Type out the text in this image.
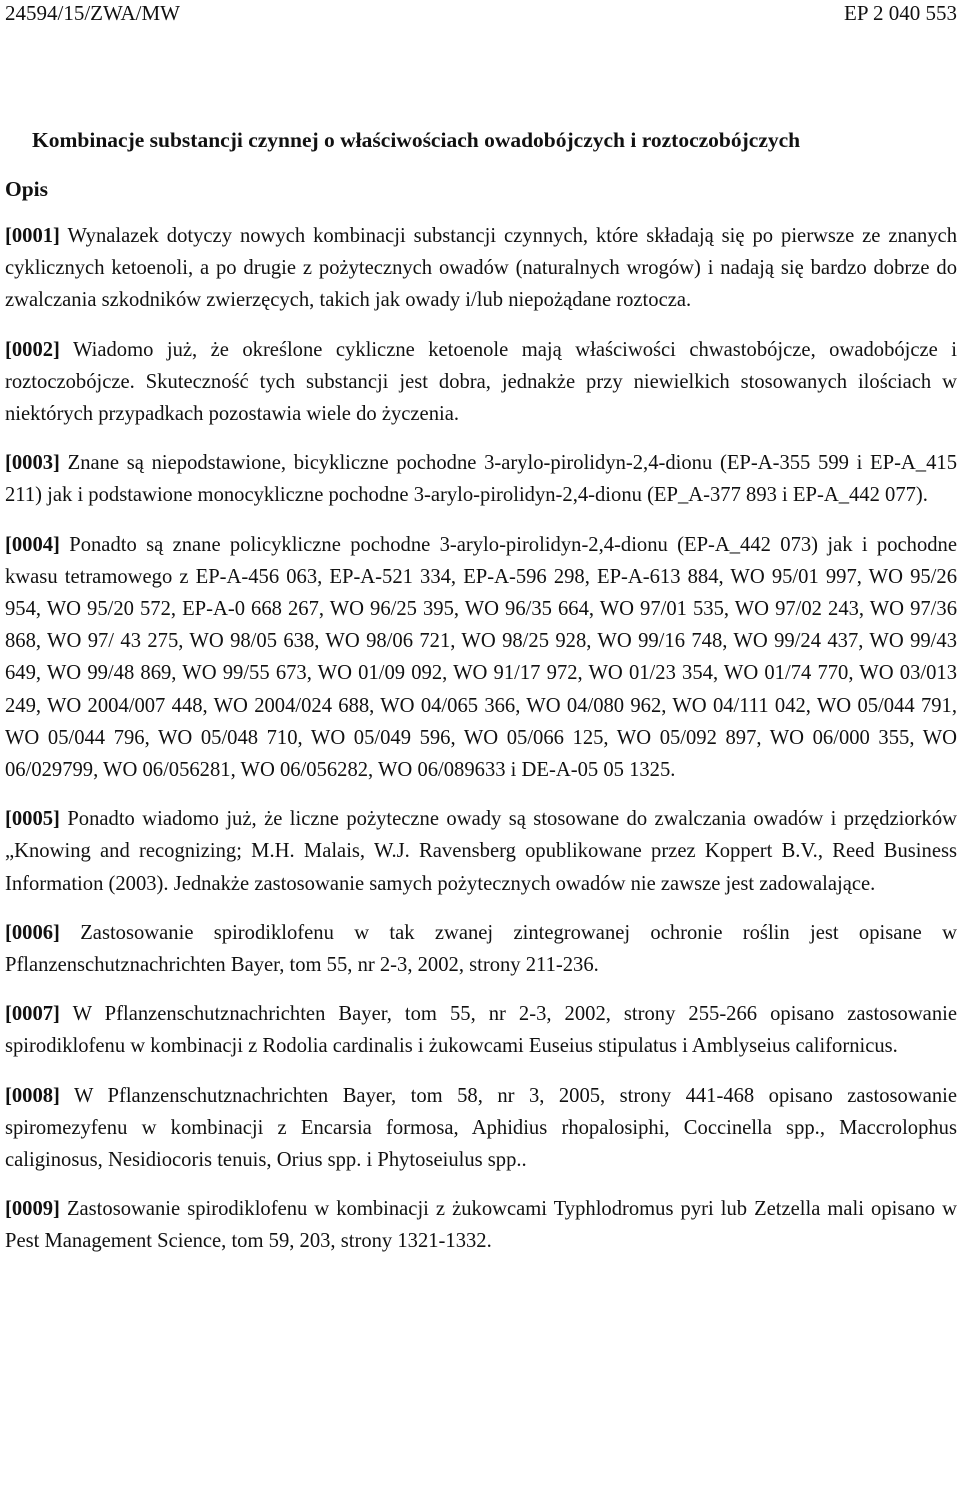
24594/15/ZWA/MW	EP 2 040 553
Kombinacje substancji czynnej o właściwościach owadobójczych i roztoczobójczych
Opis

[0001] Wynalazek dotyczy nowych kombinacji substancji czynnych, które składają się po pierwsze ze znanych cyklicznych ketoenoli, a po drugie z pożytecznych owadów (naturalnych wrogów) i nadają się bardzo dobrze do zwalczania szkodników zwierzęcych, takich jak owady i/lub niepożądane roztocza.

[0002] Wiadomo już, że określone cykliczne ketoenole mają właściwości chwastobójcze, owadobójcze i roztoczobójcze. Skuteczność tych substancji jest dobra, jednakże przy niewielkich stosowanych ilościach w niektórych przypadkach pozostawia wiele do życzenia.

[0003] Znane są niepodstawione, bicykliczne pochodne 3-arylo-pirolidyn-2,4-dionu (EP-A-355 599 i EP-A_415 211) jak i podstawione monocykliczne pochodne 3-arylo-pirolidyn-2,4-dionu (EP_A-377 893 i EP-A_442 077).

[0004] Ponadto są znane policykliczne pochodne 3-arylo-pirolidyn-2,4-dionu (EP-A_442 073) jak i pochodne kwasu tetramowego z EP-A-456 063, EP-A-521 334, EP-A-596 298, EP-A-613 884, WO 95/01 997, WO 95/26 954, WO 95/20 572, EP-A-0 668 267, WO 96/25 395, WO 96/35 664, WO 97/01 535, WO 97/02 243, WO 97/36 868, WO 97/ 43 275, WO 98/05 638, WO 98/06 721, WO 98/25 928, WO 99/16 748, WO 99/24 437, WO 99/43 649, WO 99/48 869, WO 99/55 673, WO 01/09 092, WO 91/17 972, WO 01/23 354, WO 01/74 770, WO 03/013 249, WO 2004/007 448, WO 2004/024 688, WO 04/065 366, WO 04/080 962, WO 04/111 042, WO 05/044 791, WO 05/044 796, WO 05/048 710, WO 05/049 596, WO 05/066 125, WO 05/092 897, WO 06/000 355, WO 06/029799, WO 06/056281, WO 06/056282, WO 06/089633 i DE-A-05 05 1325.

[0005] Ponadto wiadomo już, że liczne pożyteczne owady są stosowane do zwalczania owadów i przędziorków „Knowing and recognizing; M.H. Malais, W.J. Ravensberg opublikowane przez Koppert B.V., Reed Business Information (2003). Jednakże zastosowanie samych pożytecznych owadów nie zawsze jest zadowalające.

[0006] Zastosowanie spirodiklofenu w tak zwanej zintegrowanej ochronie roślin jest opisane w Pflanzenschutznachrichten Bayer, tom 55, nr 2-3, 2002, strony 211-236.

[0007] W Pflanzenschutznachrichten Bayer, tom 55, nr 2-3, 2002, strony 255-266 opisano zastosowanie spirodiklofenu w kombinacji z Rodolia cardinalis i żukowcami Euseius stipulatus i Amblyseius californicus.

[0008] W Pflanzenschutznachrichten Bayer, tom 58, nr 3, 2005, strony 441-468 opisano zastosowanie spiromezyfenu w kombinacji z Encarsia formosa, Aphidius rhopalosiphi, Coccinella spp., Maccrolophus caliginosus, Nesidiocoris tenuis, Orius spp. i Phytoseiulus spp..

[0009] Zastosowanie spirodiklofenu w kombinacji z żukowcami Typhlodromus pyri lub Zetzella mali opisano w Pest Management Science, tom 59, 203, strony 1321-1332.
